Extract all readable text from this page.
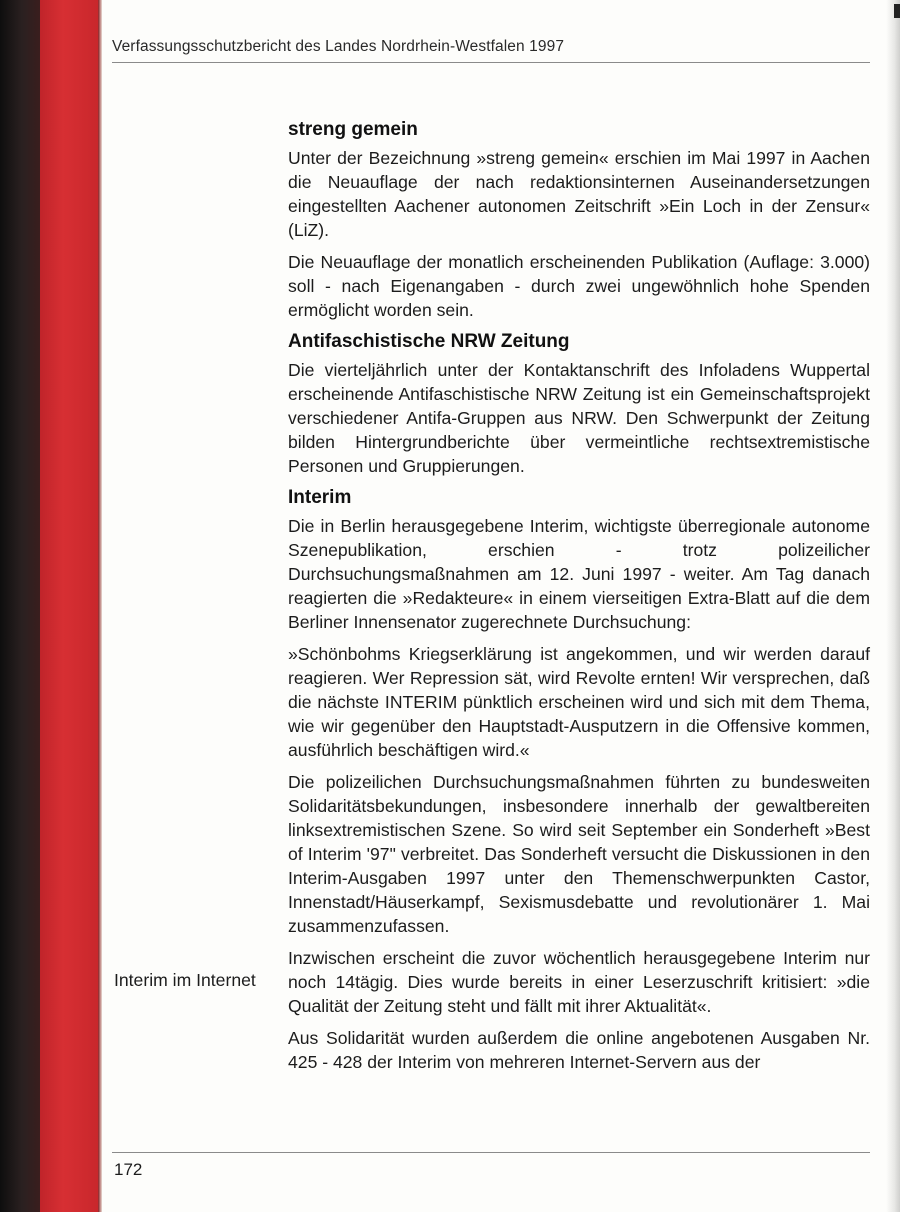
Verfassungsschutzbericht des Landes Nordrhein-Westfalen 1997
streng gemein

Unter der Bezeichnung »streng gemein« erschien im Mai 1997 in Aachen die Neuauflage der nach redaktionsinternen Auseinandersetzungen eingestellten Aachener autonomen Zeitschrift »Ein Loch in der Zensur« (LiZ).

Die Neuauflage der monatlich erscheinenden Publikation (Auflage: 3.000) soll - nach Eigenangaben - durch zwei ungewöhnlich hohe Spenden ermöglicht worden sein.

Antifaschistische NRW Zeitung

Die vierteljährlich unter der Kontaktanschrift des Infoladens Wuppertal erscheinende Antifaschistische NRW Zeitung ist ein Gemeinschaftsprojekt verschiedener Antifa-Gruppen aus NRW. Den Schwerpunkt der Zeitung bilden Hintergrundberichte über vermeintliche rechtsextremistische Personen und Gruppierungen.

Interim

Die in Berlin herausgegebene Interim, wichtigste überregionale autonome Szenepublikation, erschien - trotz polizeilicher Durchsuchungsmaßnahmen am 12. Juni 1997 - weiter. Am Tag danach reagierten die »Redakteure« in einem vierseitigen Extra-Blatt auf die dem Berliner Innensenator zugerechnete Durchsuchung:

»Schönbohms Kriegserklärung ist angekommen, und wir werden darauf reagieren. Wer Repression sät, wird Revolte ernten! Wir versprechen, daß die nächste INTERIM pünktlich erscheinen wird und sich mit dem Thema, wie wir gegenüber den Hauptstadt-Ausputzern in die Offensive kommen, ausführlich beschäftigen wird.«

Die polizeilichen Durchsuchungsmaßnahmen führten zu bundesweiten Solidaritätsbekundungen, insbesondere innerhalb der gewaltbereiten linksextremistischen Szene. So wird seit September ein Sonderheft »Best of Interim '97" verbreitet. Das Sonderheft versucht die Diskussionen in den Interim-Ausgaben 1997 unter den Themenschwerpunkten Castor, Innenstadt/Häuserkampf, Sexismusdebatte und revolutionärer 1. Mai zusammenzufassen.

Inzwischen erscheint die zuvor wöchentlich herausgegebene Interim nur noch 14tägig. Dies wurde bereits in einer Leserzuschrift kritisiert: »die Qualität der Zeitung steht und fällt mit ihrer Aktualität«.

Aus Solidarität wurden außerdem die online angebotenen Ausgaben Nr. 425 - 428 der Interim von mehreren Internet-Servern aus der

Interim im Internet
172
